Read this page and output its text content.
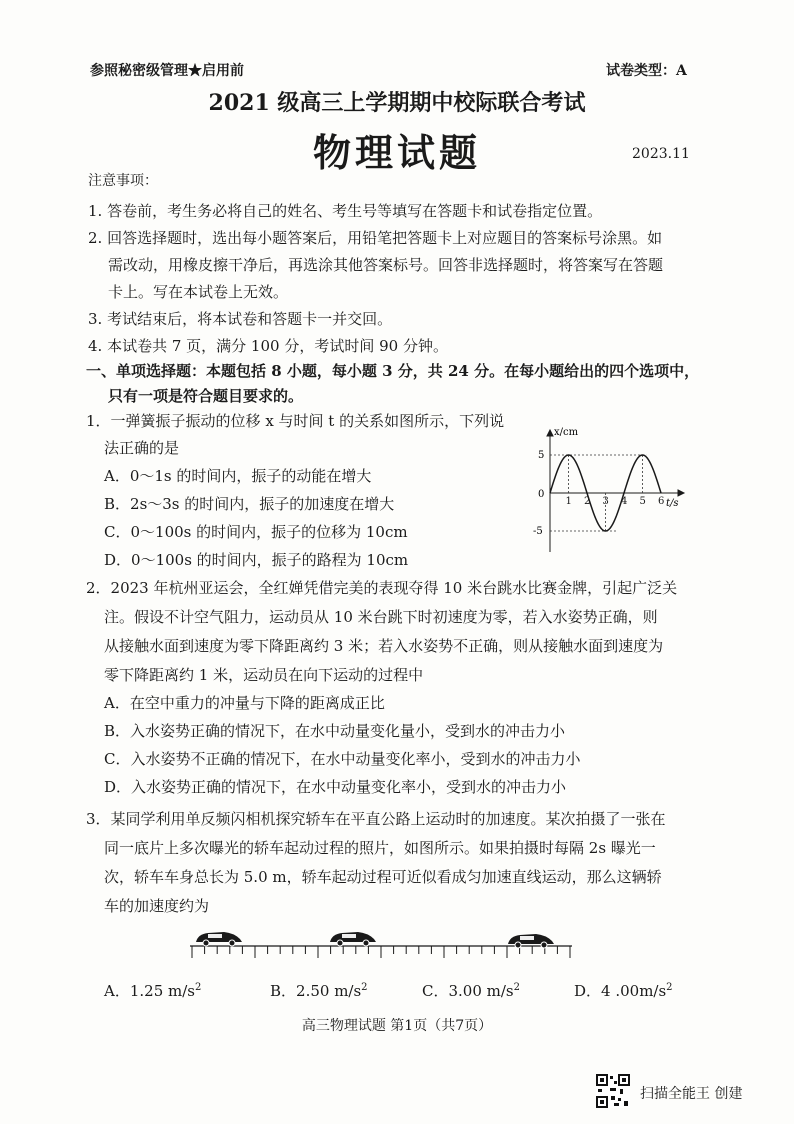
参照秘密级管理★启用前	试卷类型：A
2021 级高三上学期期中校际联合考试
物理试题	2023.11
注意事项：
1. 答卷前，考生务必将自己的姓名、考生号等填写在答题卡和试卷指定位置。
2. 回答选择题时，选出每小题答案后，用铅笔把答题卡上对应题目的答案标号涂黑。如
需改动，用橡皮擦干净后，再选涂其他答案标号。回答非选择题时，将答案写在答题
卡上。写在本试卷上无效。
3. 考试结束后，将本试卷和答题卡一并交回。
4. 本试卷共 7 页，满分 100 分，考试时间 90 分钟。
一、单项选择题：本题包括 8 小题，每小题 3 分，共 24 分。在每小题给出的四个选项中，
只有一项是符合题目要求的。
1．一弹簧振子振动的位移 x 与时间 t 的关系如图所示，下列说
法正确的是
A．0～1s 的时间内，振子的动能在增大
B．2s～3s 的时间内，振子的加速度在增大
C．0～100s 的时间内，振子的位移为 10cm
D．0～100s 的时间内，振子的路程为 10cm
1 2 3 4 5 6
x/cm
t/s
0
5
-5
2．2023 年杭州亚运会，全红婵凭借完美的表现夺得 10 米台跳水比赛金牌，引起广泛关
注。假设不计空气阻力，运动员从 10 米台跳下时初速度为零，若入水姿势正确，则
从接触水面到速度为零下降距离约 3 米；若入水姿势不正确，则从接触水面到速度为
零下降距离约 1 米，运动员在向下运动的过程中
A．在空中重力的冲量与下降的距离成正比
B．入水姿势正确的情况下，在水中动量变化量小，受到水的冲击力小
C．入水姿势不正确的情况下，在水中动量变化率小，受到水的冲击力小
D．入水姿势正确的情况下，在水中动量变化率小，受到水的冲击力小
3．某同学利用单反频闪相机探究轿车在平直公路上运动时的加速度。某次拍摄了一张在
同一底片上多次曝光的轿车起动过程的照片，如图所示。如果拍摄时每隔 2s 曝光一
次，轿车车身总长为 5.0 m，轿车起动过程可近似看成匀加速直线运动，那么这辆轿
车的加速度约为
A．1.25 $m/s^2$	B．2.50 $m/s^2$	C．3.00 $m/s^2$	D．4 $.00m/s^2$
高三物理试题 第1页（共7页）
扫描全能王 创建
